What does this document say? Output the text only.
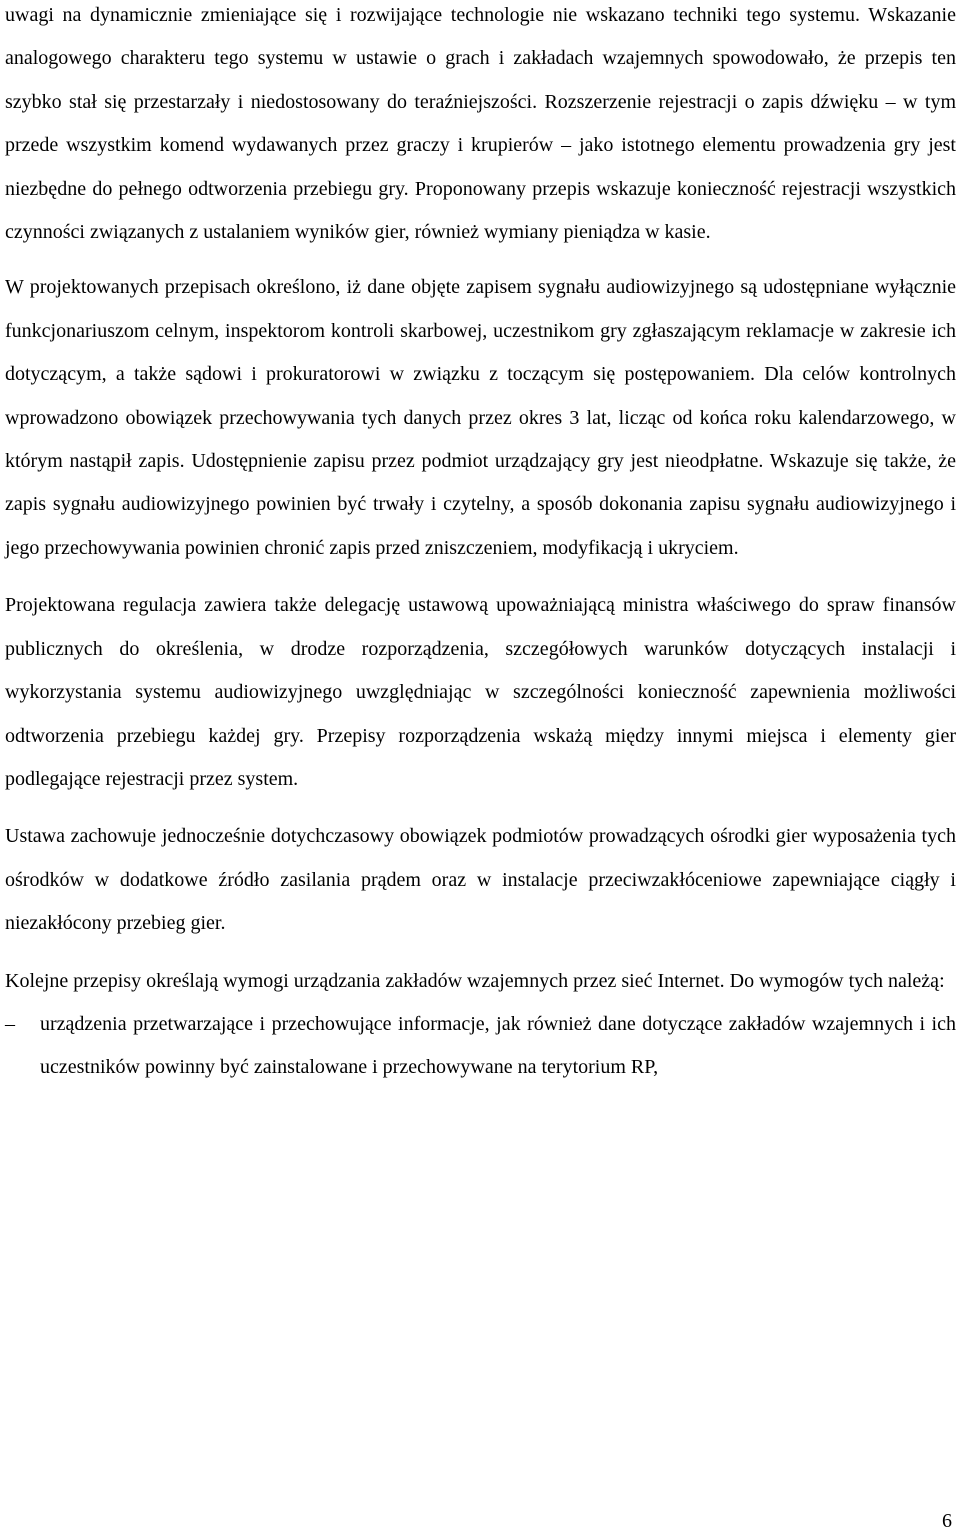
uwagi na dynamicznie zmieniające się i rozwijające technologie nie wskazano techniki tego systemu. Wskazanie analogowego charakteru tego systemu w ustawie o grach i zakładach wzajemnych spowodowało, że przepis ten szybko stał się przestarzały i niedostosowany do teraźniejszości. Rozszerzenie rejestracji o zapis dźwięku – w tym przede wszystkim komend wydawanych przez graczy i krupierów – jako istotnego elementu prowadzenia gry jest niezbędne do pełnego odtworzenia przebiegu gry. Proponowany przepis wskazuje konieczność rejestracji wszystkich czynności związanych z ustalaniem wyników gier, również wymiany pieniądza w kasie.

W projektowanych przepisach określono, iż dane objęte zapisem sygnału audiowizyjnego są udostępniane wyłącznie funkcjonariuszom celnym, inspektorom kontroli skarbowej, uczestnikom gry zgłaszającym reklamacje w zakresie ich dotyczącym, a także sądowi i prokuratorowi w związku z toczącym się postępowaniem. Dla celów kontrolnych wprowadzono obowiązek przechowywania tych danych przez okres 3 lat, licząc od końca roku kalendarzowego, w którym nastąpił zapis. Udostępnienie zapisu przez podmiot urządzający gry jest nieodpłatne. Wskazuje się także, że zapis sygnału audiowizyjnego powinien być trwały i czytelny, a sposób dokonania zapisu sygnału audiowizyjnego i jego przechowywania powinien chronić zapis przed zniszczeniem, modyfikacją i ukryciem.

Projektowana regulacja zawiera także delegację ustawową upoważniającą ministra właściwego do spraw finansów publicznych do określenia, w drodze rozporządzenia, szczegółowych warunków dotyczących instalacji i wykorzystania systemu audiowizyjnego uwzględniając w szczególności konieczność zapewnienia możliwości odtworzenia przebiegu każdej gry. Przepisy rozporządzenia wskażą między innymi miejsca i elementy gier podlegające rejestracji przez system.

Ustawa zachowuje jednocześnie dotychczasowy obowiązek podmiotów prowadzących ośrodki gier wyposażenia tych ośrodków w dodatkowe źródło zasilania prądem oraz w instalacje przeciwzakłóceniowe zapewniające ciągły i niezakłócony przebieg gier.

Kolejne przepisy określają wymogi urządzania zakładów wzajemnych przez sieć Internet. Do wymogów tych należą:

– urządzenia przetwarzające i przechowujące informacje, jak również dane dotyczące zakładów wzajemnych i ich uczestników powinny być zainstalowane i przechowywane na terytorium RP,
6
